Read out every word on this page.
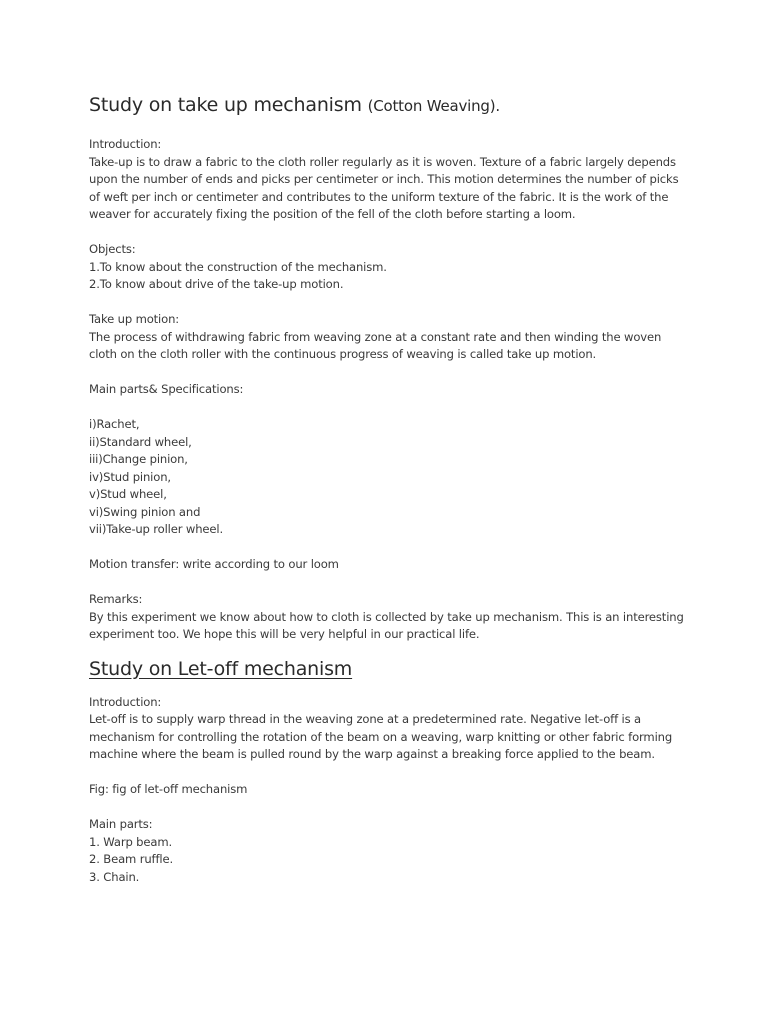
Study on take up mechanism (Cotton Weaving).
Introduction:
Take-up is to draw a fabric to the cloth roller regularly as it is woven. Texture of a fabric largely depends
upon the number of ends and picks per centimeter or inch. This motion determines the number of picks
of weft per inch or centimeter and contributes to the uniform texture of the fabric. It is the work of the
weaver for accurately fixing the position of the fell of the cloth before starting a loom.
Objects:
1.To know about the construction of the mechanism.
2.To know about drive of the take-up motion.
Take up motion:
The process of withdrawing fabric from weaving zone at a constant rate and then winding the woven
cloth on the cloth roller with the continuous progress of weaving is called take up motion.
Main parts& Specifications:
i)Rachet,
ii)Standard wheel,
iii)Change pinion,
iv)Stud pinion,
v)Stud wheel,
vi)Swing pinion and
vii)Take-up roller wheel.
Motion transfer: write according to our loom
Remarks:
By this experiment we know about how to cloth is collected by take up mechanism. This is an interesting
experiment too. We hope this will be very helpful in our practical life.
Study on Let-off mechanism
Introduction:
Let-off is to supply warp thread in the weaving zone at a predetermined rate. Negative let-off is a
mechanism for controlling the rotation of the beam on a weaving, warp knitting or other fabric forming
machine where the beam is pulled round by the warp against a breaking force applied to the beam.
Fig: fig of let-off mechanism
Main parts:
1. Warp beam.
2. Beam ruffle.
3. Chain.
